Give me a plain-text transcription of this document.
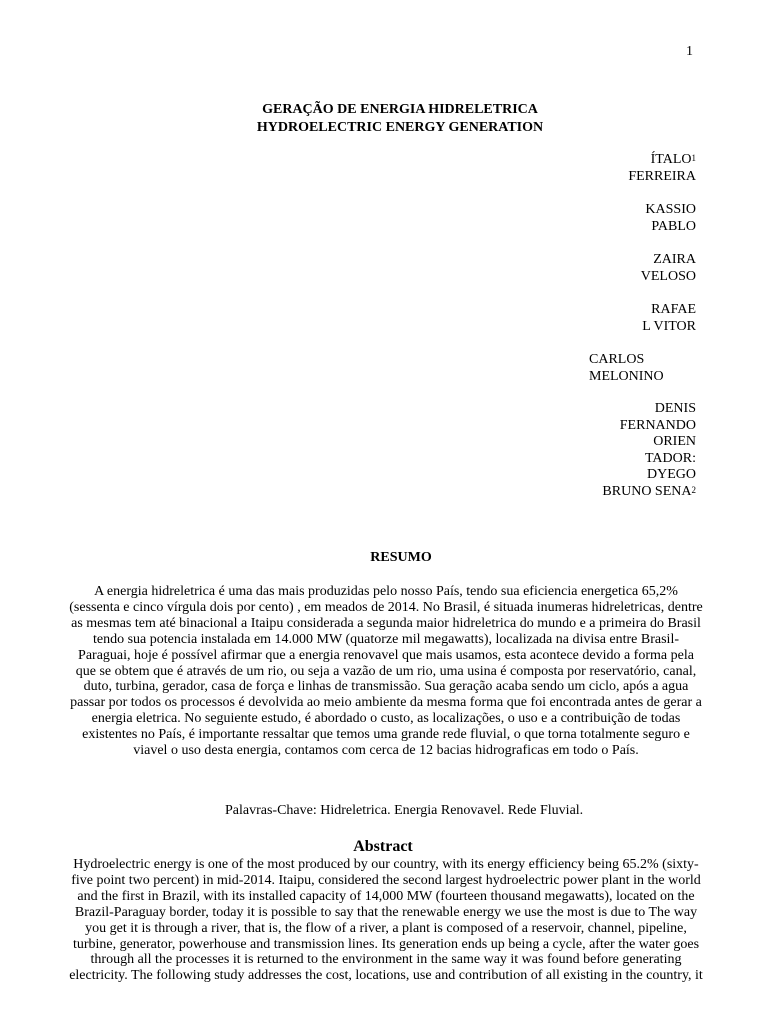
1
GERAÇÃO DE ENERGIA HIDRELETRICA
HYDROELECTRIC ENERGY GENERATION
ÍTALO$^1$
FERREIRA
KASSIO
PABLO
ZAIRA
VELOSO
RAFAE
L VITOR
CARLOS
MELONINO
DENIS
FERNANDO
ORIEN
TADOR:
DYEGO
BRUNO SENA$^2$
RESUMO
A energia hidreletrica é uma das mais produzidas pelo nosso País, tendo sua eficiencia energetica 65,2%
(sessenta e cinco vírgula dois por cento) , em meados de 2014. No Brasil, é situada inumeras hidreletricas, dentre
as mesmas tem até binacional a Itaipu considerada a segunda maior hidreletrica do mundo e a primeira do Brasil
tendo sua potencia instalada em 14.000 MW (quatorze mil megawatts), localizada na divisa entre Brasil-
Paraguai, hoje é possível afirmar que a energia renovavel que mais usamos, esta acontece devido a forma pela
que se obtem que é através de um rio, ou seja a vazão de um rio, uma usina é composta por reservatório, canal,
duto, turbina, gerador, casa de força e linhas de transmissão. Sua geração acaba sendo um ciclo, após a agua
passar por todos os processos é devolvida ao meio ambiente da mesma forma que foi encontrada antes de gerar a
energia eletrica. No seguiente estudo, é abordado o custo, as localizações, o uso e a contribuição de todas
existentes no País, é importante ressaltar que temos uma grande rede fluvial, o que torna totalmente seguro e
viavel o uso desta energia, contamos com cerca de 12 bacias hidrograficas em todo o País.
Palavras-Chave: Hidreletrica. Energia Renovavel. Rede Fluvial.
Abstract
Hydroelectric energy is one of the most produced by our country, with its energy efficiency being 65.2% (sixty-
five point two percent) in mid-2014. Itaipu, considered the second largest hydroelectric power plant in the world
and the first in Brazil, with its installed capacity of 14,000 MW (fourteen thousand megawatts), located on the
Brazil-Paraguay border, today it is possible to say that the renewable energy we use the most is due to The way
you get it is through a river, that is, the flow of a river, a plant is composed of a reservoir, channel, pipeline,
turbine, generator, powerhouse and transmission lines. Its generation ends up being a cycle, after the water goes
through all the processes it is returned to the environment in the same way it was found before generating
electricity. The following study addresses the cost, locations, use and contribution of all existing in the country, it
